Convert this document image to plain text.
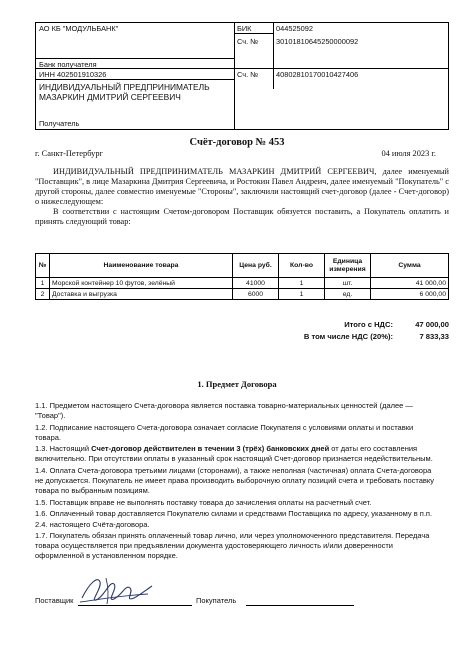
АО КБ "МОДУЛЬБАНК"	БИК	044525092
Сч. № 30101810645250000092
Банк получателя
ИНН 402501910326	Сч. № 40802810170010427406
ИНДИВИДУАЛЬНЫЙ ПРЕДПРИНИМАТЕЛЬ
МАЗАРКИН ДМИТРИЙ СЕРГЕЕВИЧ
Получатель
Счёт-договор № 453
г. Санкт-Петербург	04 июля 2023 г.

ИНДИВИДУАЛЬНЫЙ ПРЕДПРИНИМАТЕЛЬ МАЗАРКИН ДМИТРИЙ СЕРГЕЕВИЧ, далее именуемый "Поставщик", в лице Мазаркина Дмитрия Сергеевича, и Ростокин Павел Андреич, далее именуемый "Покупатель" с другой стороны, далее совместно именуемые "Стороны", заключили настоящий счет-договор (далее - Счет-договор) о нижеследующем:

В соответствии с настоящим Счетом-договором Поставщик обязуется поставить, а Покупатель оплатить и принять следующий товар:

№	Наименование товара	Цена руб.	Кол-во	Единица измерения	Сумма
1	Морской контейнер 10 футов, зелёный	41000	1	шт.	41 000,00
2	Доставка и выгрузка	6000	1	ед.	6 000,00
Итого с НДС:	47 000,00
В том числе НДС (20%):	7 833,33
1. Предмет Договора

1.1. Предметом настоящего Счета-договора является поставка товарно-материальных ценностей (далее — "Товар").

1.2. Подписание настоящего Счета-договора означает согласие Покупателя с условиями оплаты и поставки товара.

1.3. Настоящий Счет-договор действителен в течении 3 (трёх) банковских дней от даты его составления включительно. При отсутствии оплаты в указанный срок настоящий Счет-договор признается недействительным.

1.4. Оплата Счета-договора третьими лицами (сторонами), а также неполная (частичная) оплата Счета-договора не допускается. Покупатель не имеет права производить выборочную оплату позиций счета и требовать поставку товара по выбранным позициям.

1.5. Поставщик вправе не выполнять поставку товара до зачисления оплаты на расчетный счет.

1.6. Оплаченный товар доставляется Покупателю силами и средствами Поставщика по адресу, указанному в п.п. 2.4. настоящего Счёта-договора.

1.7. Покупатель обязан принять оплаченный товар лично, или через уполномоченного представителя. Передача товара осуществляется при предъявлении документа удостоверяющего личность и/или доверенности оформленной в установленном порядке.

Поставщик	Покупатель
